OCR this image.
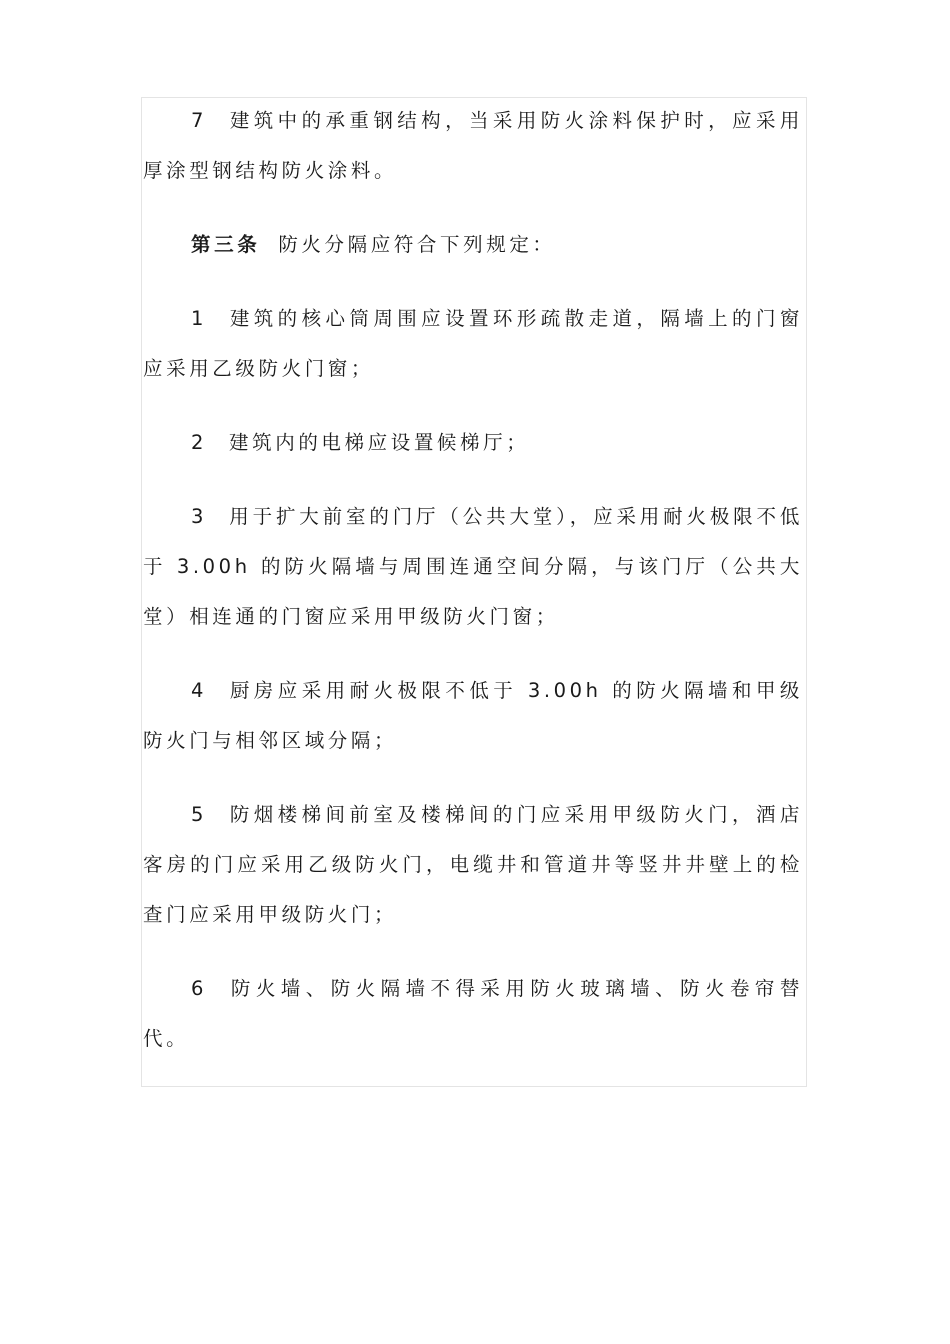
7 建筑中的承重钢结构，当采用防火涂料保护时，应采用厚涂型钢结构防火涂料。

第三条 防火分隔应符合下列规定：

1 建筑的核心筒周围应设置环形疏散走道，隔墙上的门窗应采用乙级防火门窗；

2 建筑内的电梯应设置候梯厅；

3 用于扩大前室的门厅（公共大堂），应采用耐火极限不低于 3.00h 的防火隔墙与周围连通空间分隔，与该门厅（公共大堂）相连通的门窗应采用甲级防火门窗；

4 厨房应采用耐火极限不低于 3.00h 的防火隔墙和甲级防火门与相邻区域分隔；

5 防烟楼梯间前室及楼梯间的门应采用甲级防火门，酒店客房的门应采用乙级防火门，电缆井和管道井等竖井井壁上的检查门应采用甲级防火门；

6 防火墙、防火隔墙不得采用防火玻璃墙、防火卷帘替代。
